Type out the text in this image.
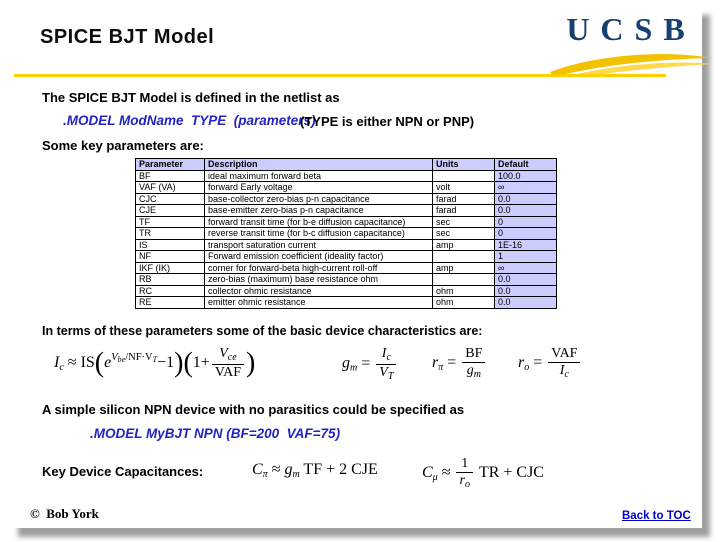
SPICE BJT Model	UCSB
The SPICE BJT Model is defined in the netlist as
.MODEL ModName  TYPE  (parameters)
(TYPE is either NPN or PNP)
Some key parameters are:
Parameter	Description	Units	Default
BF	ideal maximum forward beta		100.0
VAF (VA)	forward Early voltage	volt	∞
CJC	base-collector zero-bias p-n capacitance	farad	0.0
CJE	base-emitter zero-bias p-n capacitance	farad	0.0
TF	forward transit time (for b-e diffusion capacitance)	sec	0
TR	reverse transit time (for b-c diffusion capacitance)	sec	0
IS	transport saturation current	amp	1E-16
NF	Forward emission coefficient (ideality factor)		1
IKF (IK)	corner for forward-beta high-current roll-off	amp	∞
RB	zero-bias (maximum) base resistance ohm		0.0
RC	collector ohmic resistance	ohm	0.0
RE	emitter ohmic resistance	ohm	0.0
In terms of these parameters some of the basic device characteristics are:
$I_c \approx IS(e^{V_{be}/NF\cdot V_T}-1)(1+ \frac{V_{ce}}{\text{VAF}}$ )	$g_m = \frac{I_c}{V_T} r_\pi = \frac{BF}{g_m} r_o = \frac{\text{VAF}}{I_c}$
A simple silicon NPN device with no parasitics could be specified as
.MODEL MyBJT NPN (BF=200  VAF=75)
Key Device Capacitances:	$C_\pi \approx g_m$ TF + 2 CJE	$C_\mu \approx \frac{1}{r_o}$ TR + CJC
©  Bob York	Back to TOC
